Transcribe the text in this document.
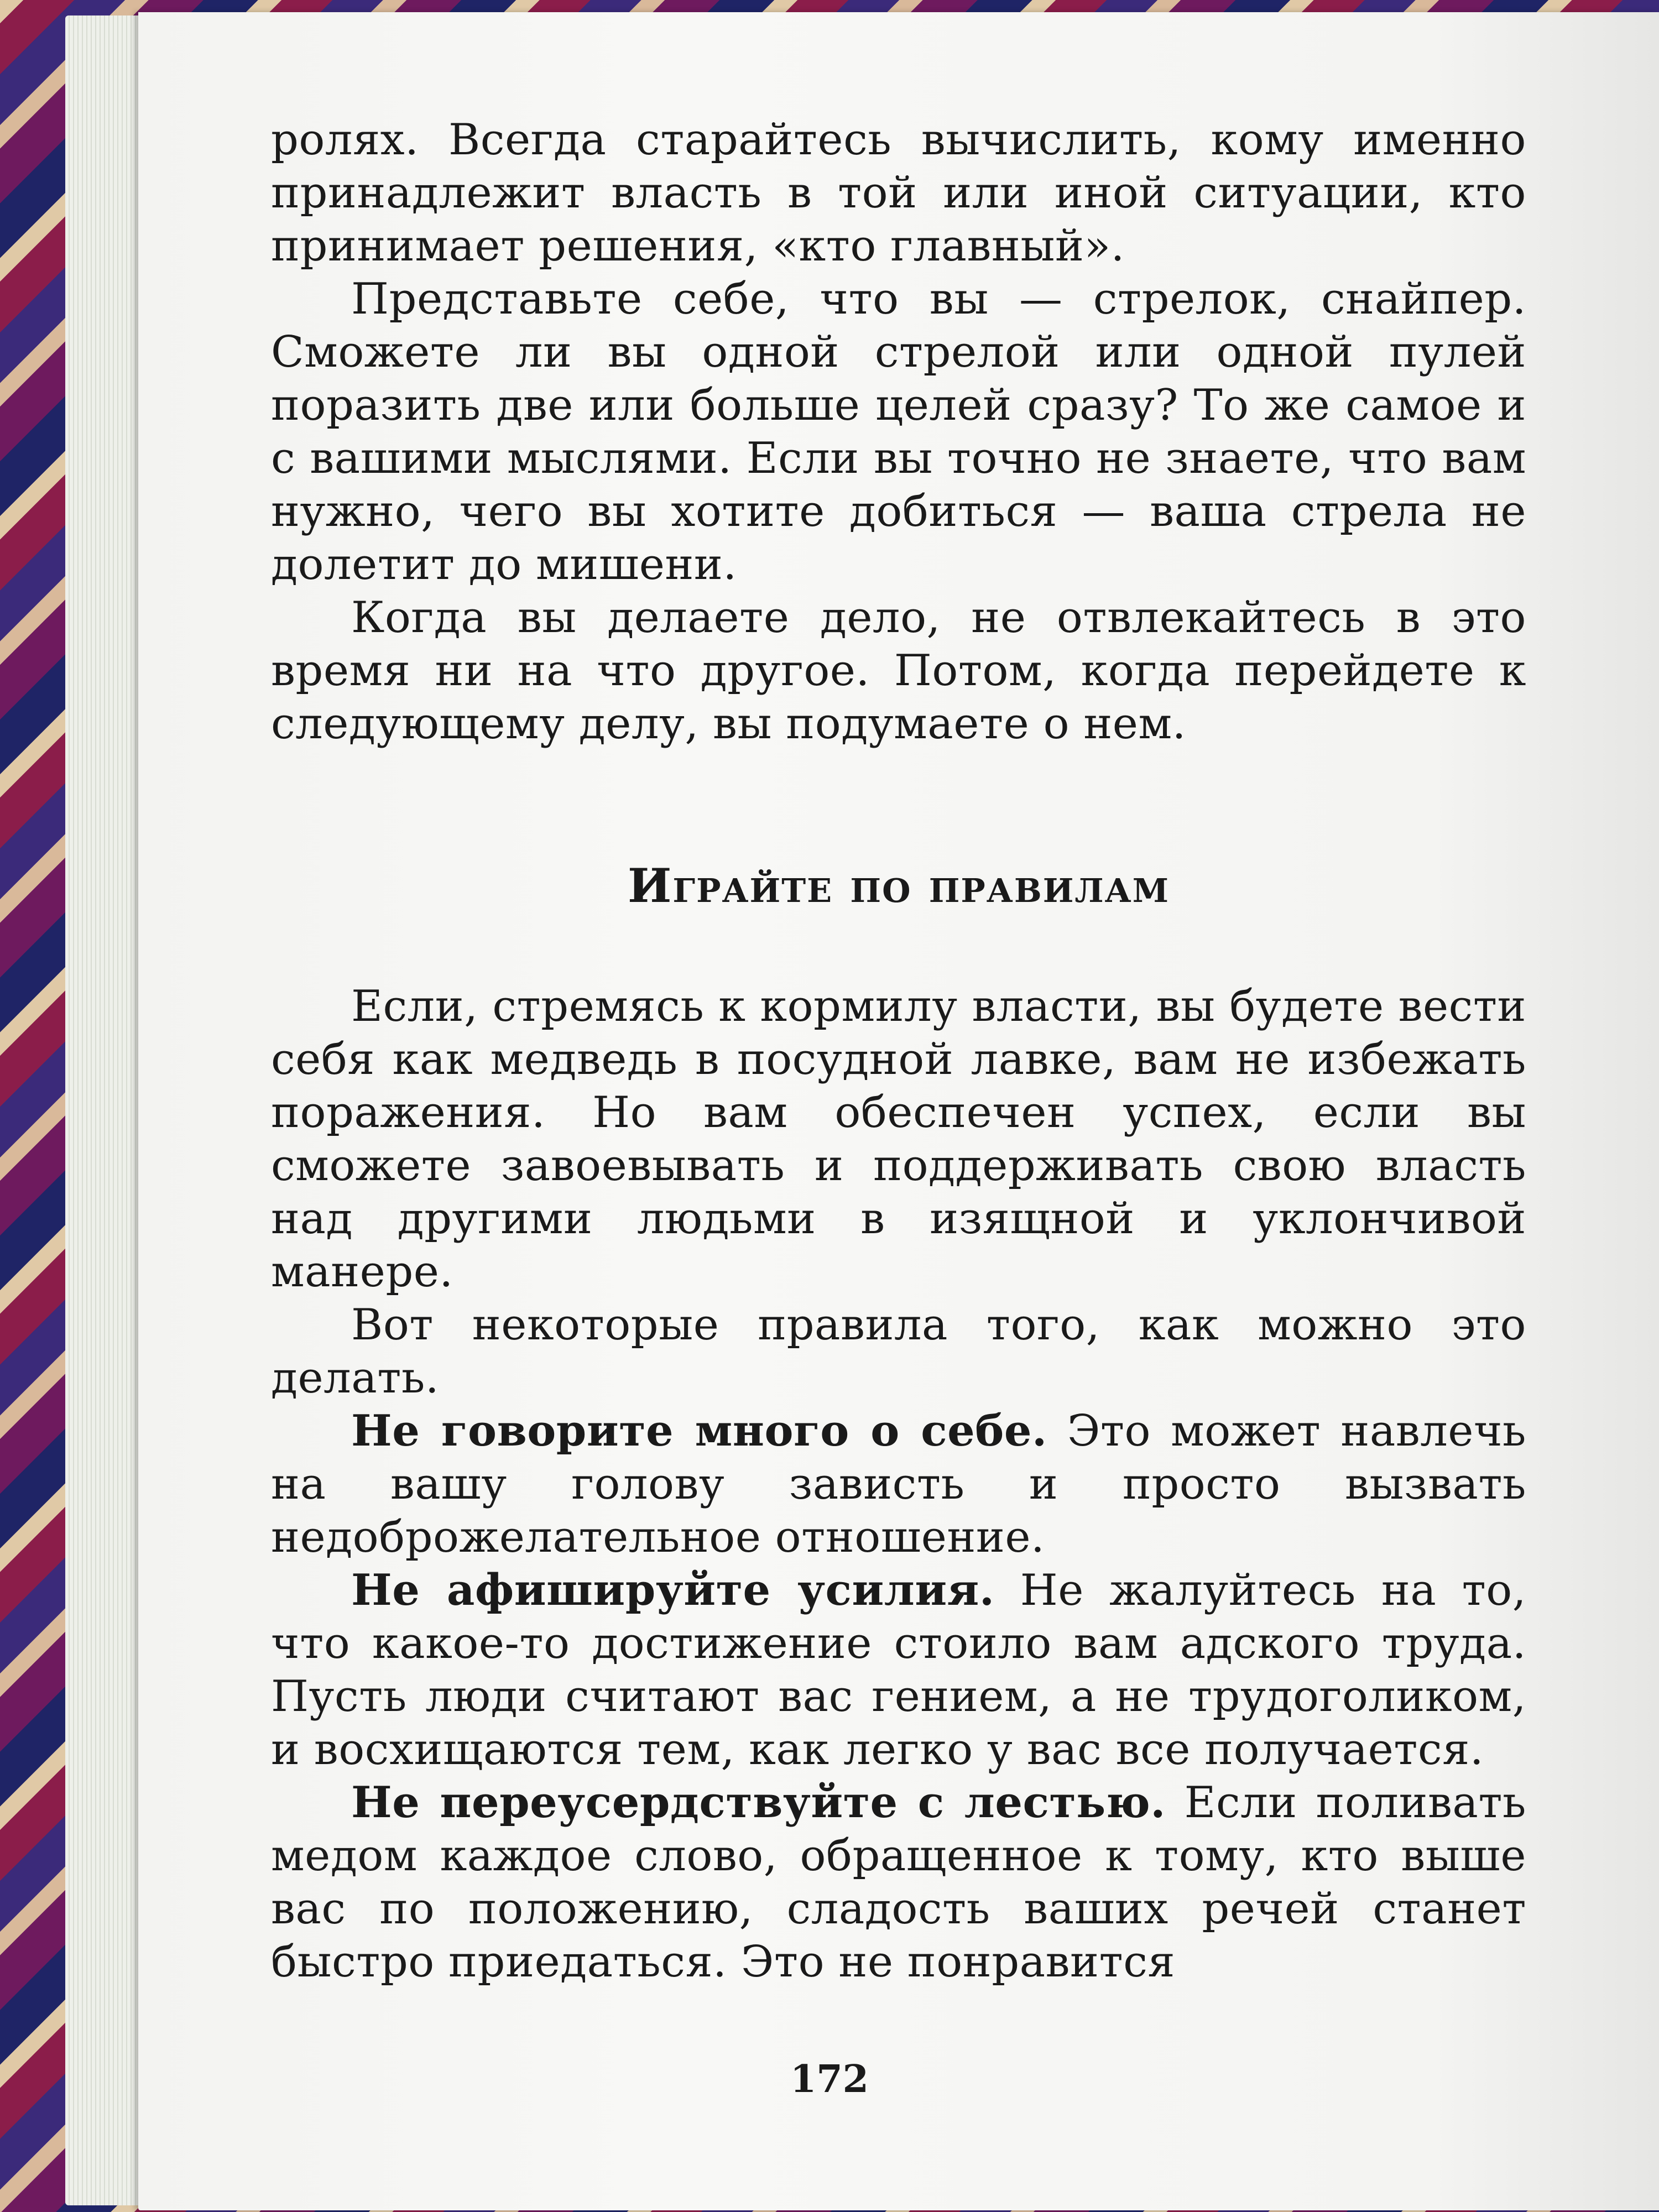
ролях. Всегда старайтесь вычислить, кому именно принадлежит власть в той или иной ситуации, кто принимает решения, «кто главный».

Представьте себе, что вы — стрелок, снайпер. Сможете ли вы одной стрелой или одной пулей поразить две или больше целей сразу? То же самое и с вашими мыслями. Если вы точно не знаете, что вам нужно, чего вы хотите добиться — ваша стрела не долетит до мишени.

Когда вы делаете дело, не отвлекайтесь в это время ни на что другое. Потом, когда перейдете к следующему делу, вы подумаете о нем.

Играйте по правилам

Если, стремясь к кормилу власти, вы будете вести себя как медведь в посудной лавке, вам не избежать поражения. Но вам обеспечен успех, если вы сможете завоевывать и поддерживать свою власть над другими людьми в изящной и уклончивой манере.

Вот некоторые правила того, как можно это делать.

Не говорите много о себе. Это может навлечь на вашу голову зависть и просто вызвать недоброжелательное отношение.

Не афишируйте усилия. Не жалуйтесь на то, что какое-то достижение стоило вам адского труда. Пусть люди считают вас гением, а не трудоголиком, и восхищаются тем, как легко у вас все получается.

Не переусердствуйте с лестью. Если поливать медом каждое слово, обращенное к тому, кто выше вас по положению, сладость ваших речей станет быстро приедаться. Это не понравится

172
